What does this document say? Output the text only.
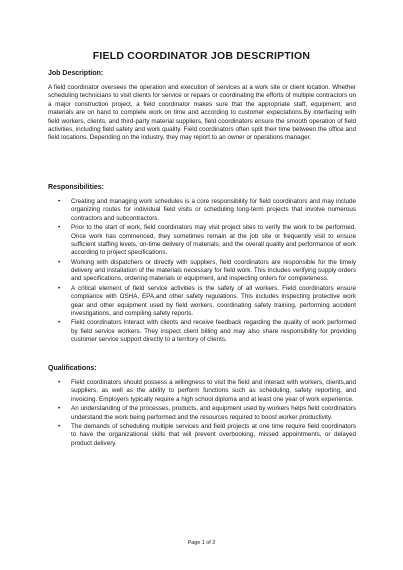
FIELD COORDINATOR JOB DESCRIPTION
Job Description:

A field coordinator oversees the operation and execution of services at a work site or client location. Whether scheduling technicians to visit clients for service or repairs or coordinating the efforts of multiple contractors on a major construction project, a field coordinator makes sure that the appropriate staff, equipment, and materials are on hand to complete work on time and according to customer expectations.By interfacing with field workers, clients, and third-party material suppliers, field coordinators ensure the smooth operation of field activities, including field safety and work quality. Field coordinators often split their time between the office and field locations. Depending on the industry, they may report to an owner or operations manager.

Responsibilities:
• Creating and managing work schedules is a core responsibility for field coordinators and may include organizing routes for individual field visits or scheduling long-term projects that involve numerous contractors and subcontractors.
• Prior to the start of work, field coordinators may visit project sites to verify the work to be performed. Once work has commenced, they sometimes remain at the job site or frequently visit to ensure sufficient staffing levels, on-time delivery of materials, and the overall quality and performance of work according to project specifications.
• Working with dispatchers or directly with suppliers, field coordinators are responsible for the timely delivery and installation of the materials necessary for field work. This includes verifying supply orders and specifications, ordering materials or equipment, and inspecting orders for completeness.
• A critical element of field service activities is the safety of all workers. Field coordinators ensure compliance with OSHA, EPA,and other safety regulations. This includes inspecting protective work gear and other equipment used by field workers, coordinating safety training, performing accident investigations, and compiling safety reports.
• Field coordinators interact with clients and receive feedback regarding the quality of work performed by field service workers. They inspect client billing and may also share responsibility for providing customer service support directly to a territory of clients.
Qualifications:
• Field coordinators should possess a willingness to visit the field and interact with workers, clients,and suppliers, as well as the ability to perform functions such as scheduling, safety reporting, and invoicing. Employers typically require a high school diploma and at least one year of work experience.
• An understanding of the processes, products, and equipment used by workers helps field coordinators understand the work being performed and the resources required to boost worker productivity.
• The demands of scheduling multiple services and field projects at one time require field coordinators to have the organizational skills that will prevent overbooking, missed appointments, or delayed product delivery.
Page 1 of 2
